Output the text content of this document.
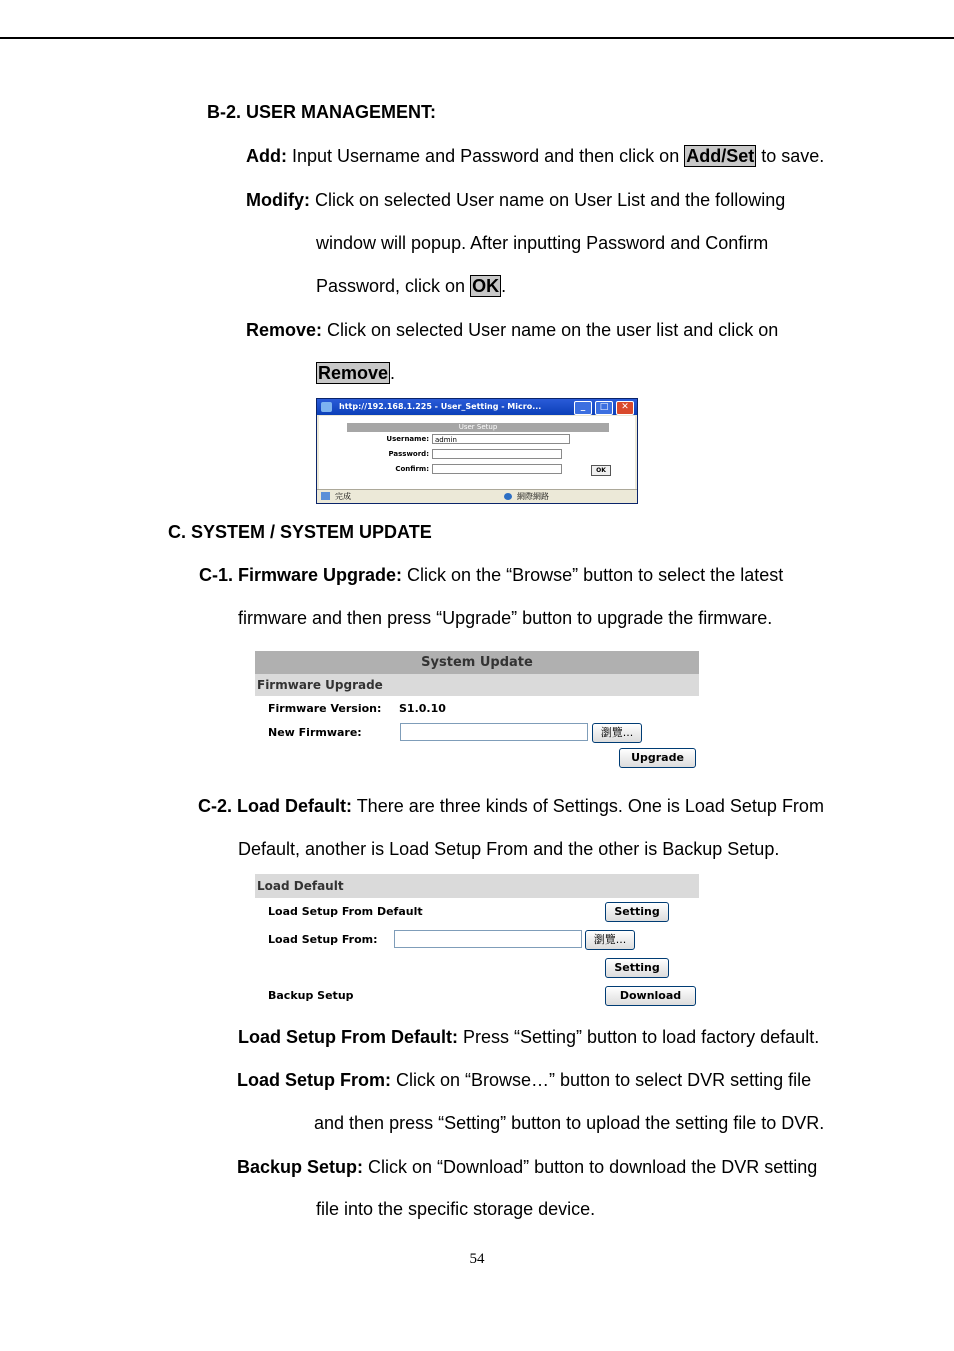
B-2. USER MANAGEMENT:
Add: Input Username and Password and then click on Add/Set to save.
Modify: Click on selected User name on User List and the following
window will popup. After inputting Password and Confirm
Password, click on OK .
Remove: Click on selected User name on the user list and click on
Remove .
http://192.168.1.225 - User_Setting - Micro...	_	□	✕
User Setup
Username: admin
Password:
Confirm:	OK
完成	網際網路
C. SYSTEM / SYSTEM UPDATE
C-1. Firmware Upgrade: Click on the “Browse” button to select the latest
firmware and then press “Upgrade” button to upgrade the firmware.
System Update
Firmware Upgrade
Firmware Version: S1.0.10
New Firmware:	瀏覽...
Upgrade
C-2. Load Default: There are three kinds of Settings. One is Load Setup From
Default, another is Load Setup From and the other is Backup Setup.
Load Default
Load Setup From Default	Setting
Load Setup From:	瀏覽...
Setting
Backup Setup	Download
Load Setup From Default: Press “Setting” button to load factory default.
Load Setup From: Click on “Browse…” button to select DVR setting file
and then press “Setting” button to upload the setting file to DVR.
Backup Setup: Click on “Download” button to download the DVR setting
file into the specific storage device.
54
